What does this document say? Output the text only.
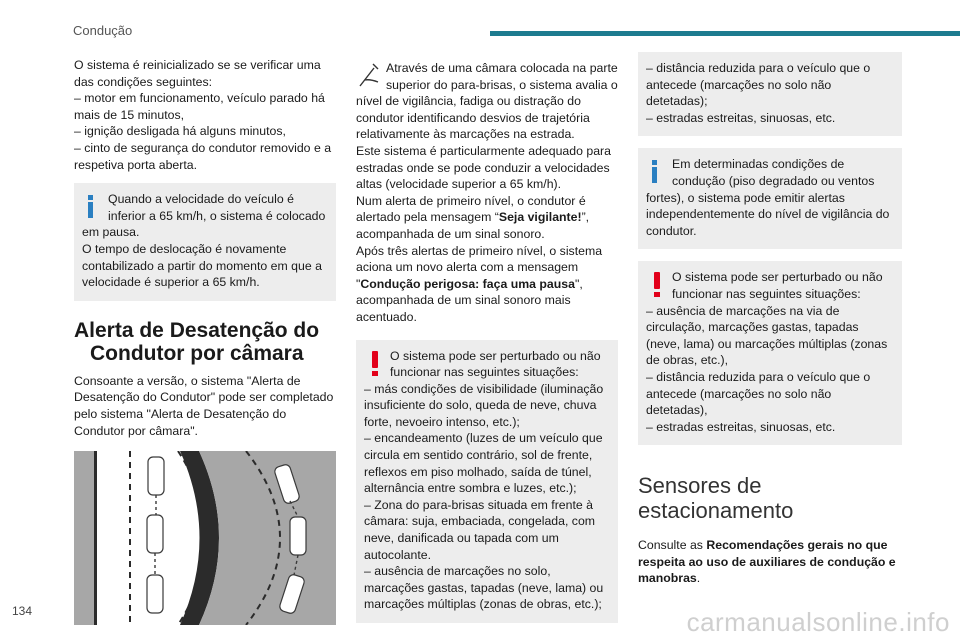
Condução

O sistema é reinicializado se se verificar uma das condições seguintes:

– motor em funcionamento, veículo parado há mais de 15 minutos,

– ignição desligada há alguns minutos,

– cinto de segurança do condutor removido e a respetiva porta aberta.

Quando a velocidade do veículo é inferior a 65 km/h, o sistema é colocado em pausa.

O tempo de deslocação é novamente contabilizado a partir do momento em que a velocidade é superior a 65 km/h.

Alerta de Desatenção do
Condutor por câmara

Consoante a versão, o sistema "Alerta de Desatenção do Condutor" pode ser completado pelo sistema "Alerta de Desatenção do Condutor por câmara".

Através de uma câmara colocada na parte superior do para-brisas, o sistema avalia o nível de vigilância, fadiga ou distração do condutor identificando desvios de trajetória relativamente às marcações na estrada.

Este sistema é particularmente adequado para estradas onde se pode conduzir a velocidades altas (velocidade superior a 65 km/h).

Num alerta de primeiro nível, o condutor é alertado pela mensagem “Seja vigilante!”, acompanhada de um sinal sonoro.

Após três alertas de primeiro nível, o sistema aciona um novo alerta com a mensagem "Condução perigosa: faça uma pausa", acompanhada de um sinal sonoro mais acentuado.

O sistema pode ser perturbado ou não funcionar nas seguintes situações:

– más condições de visibilidade (iluminação insuficiente do solo, queda de neve, chuva forte, nevoeiro intenso, etc.);

– encandeamento (luzes de um veículo que circula em sentido contrário, sol de frente, reflexos em piso molhado, saída de túnel, alternância entre sombra e luzes, etc.);

– Zona do para-brisas situada em frente à câmara: suja, embaciada, congelada, com neve, danificada ou tapada com um autocolante.

– ausência de marcações no solo, marcações gastas, tapadas (neve, lama) ou marcações múltiplas (zonas de obras, etc.);

– distância reduzida para o veículo que o antecede (marcações no solo não detetadas);

– estradas estreitas, sinuosas, etc.

Em determinadas condições de condução (piso degradado ou ventos fortes), o sistema pode emitir alertas independentemente do nível de vigilância do condutor.

O sistema pode ser perturbado ou não funcionar nas seguintes situações:

– ausência de marcações na via de circulação, marcações gastas, tapadas (neve, lama) ou marcações múltiplas (zonas de obras, etc.),

– distância reduzida para o veículo que o antecede (marcações no solo não detetadas),

– estradas estreitas, sinuosas, etc.

Sensores de
estacionamento

Consulte as Recomendações gerais no que respeita ao uso de auxiliares de condução e manobras.

134	carmanualsonline.info
